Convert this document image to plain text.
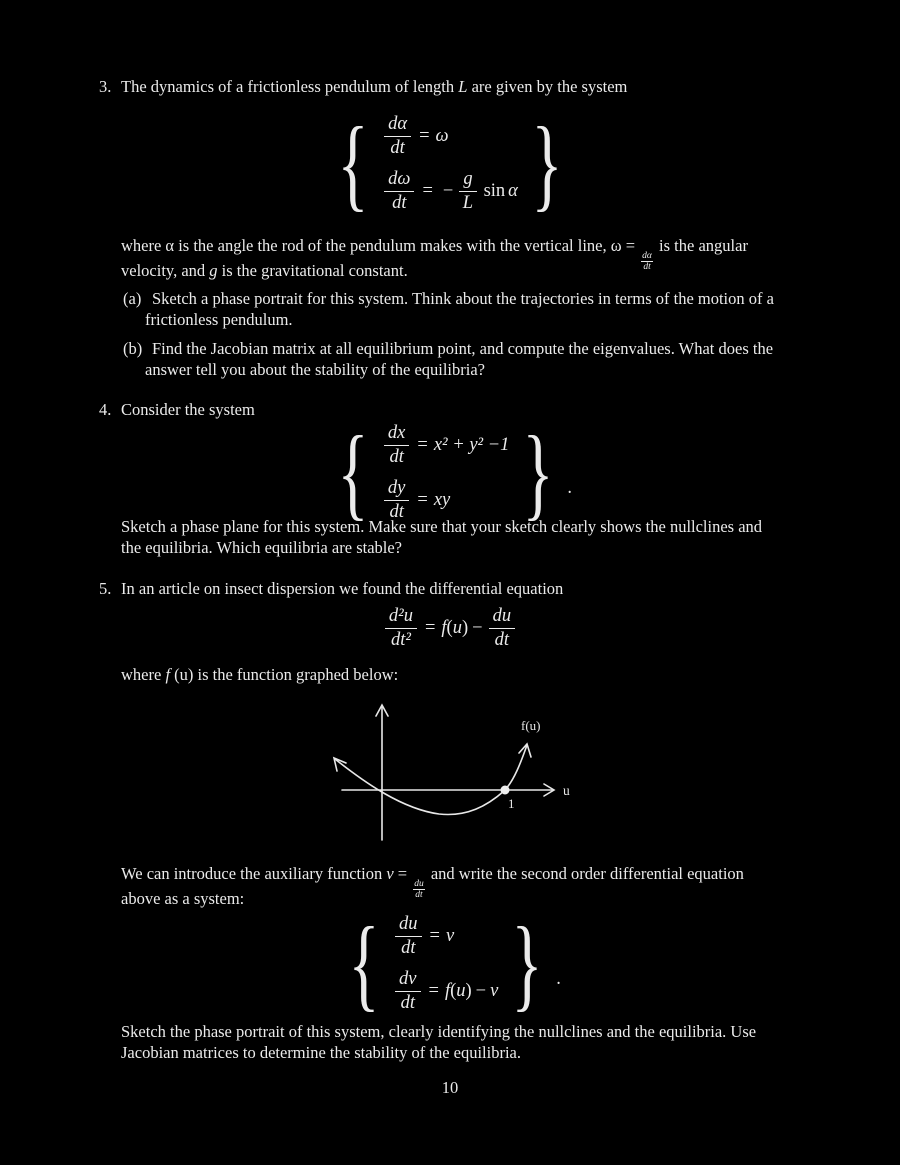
3. The dynamics of a frictionless pendulum of length L are given by the system
{ $\frac{d\alpha}{dt} = \omega$
$\frac{d\omega}{dt}$ = − $\frac{g}{L}$ sin α }
where α is the angle the rod of the pendulum makes with the vertical line, ω =
$\frac{d\alpha}{dt}$
is the angular
velocity, and g is the gravitational constant.
(a) Sketch a phase portrait for this system. Think about the trajectories in terms of the motion of a
frictionless pendulum.
(b) Find the Jacobian matrix at all equilibrium point, and compute the eigenvalues. What does the
answer tell you about the stability of the equilibria?
4. Consider the system
{ $\frac{dx}{dt} = x^2 + y^2 -1$
$\frac{dy}{dt}$ = xy } .
Sketch a phase plane for this system. Make sure that your sketch clearly shows the nullclines and
the equilibria. Which equilibria are stable?
5. In an article on insect dispersion we found the differential equation
$\frac{\text{d²u}}{\text{dt²}} = f$ ( u ) − $\frac{du}{dt}$
where f (u) is the function graphed below:
f(u)
u
1
We can introduce the auxiliary function v =
$\frac{du}{dt}$
and write the second order differential equation
above as a system:
{ $\frac{du}{dt} = v$
$\frac{dv}{dt} = f$ ( u ) − v } .
Sketch the phase portrait of this system, clearly identifying the nullclines and the equilibria. Use
Jacobian matrices to determine the stability of the equilibria.
10
